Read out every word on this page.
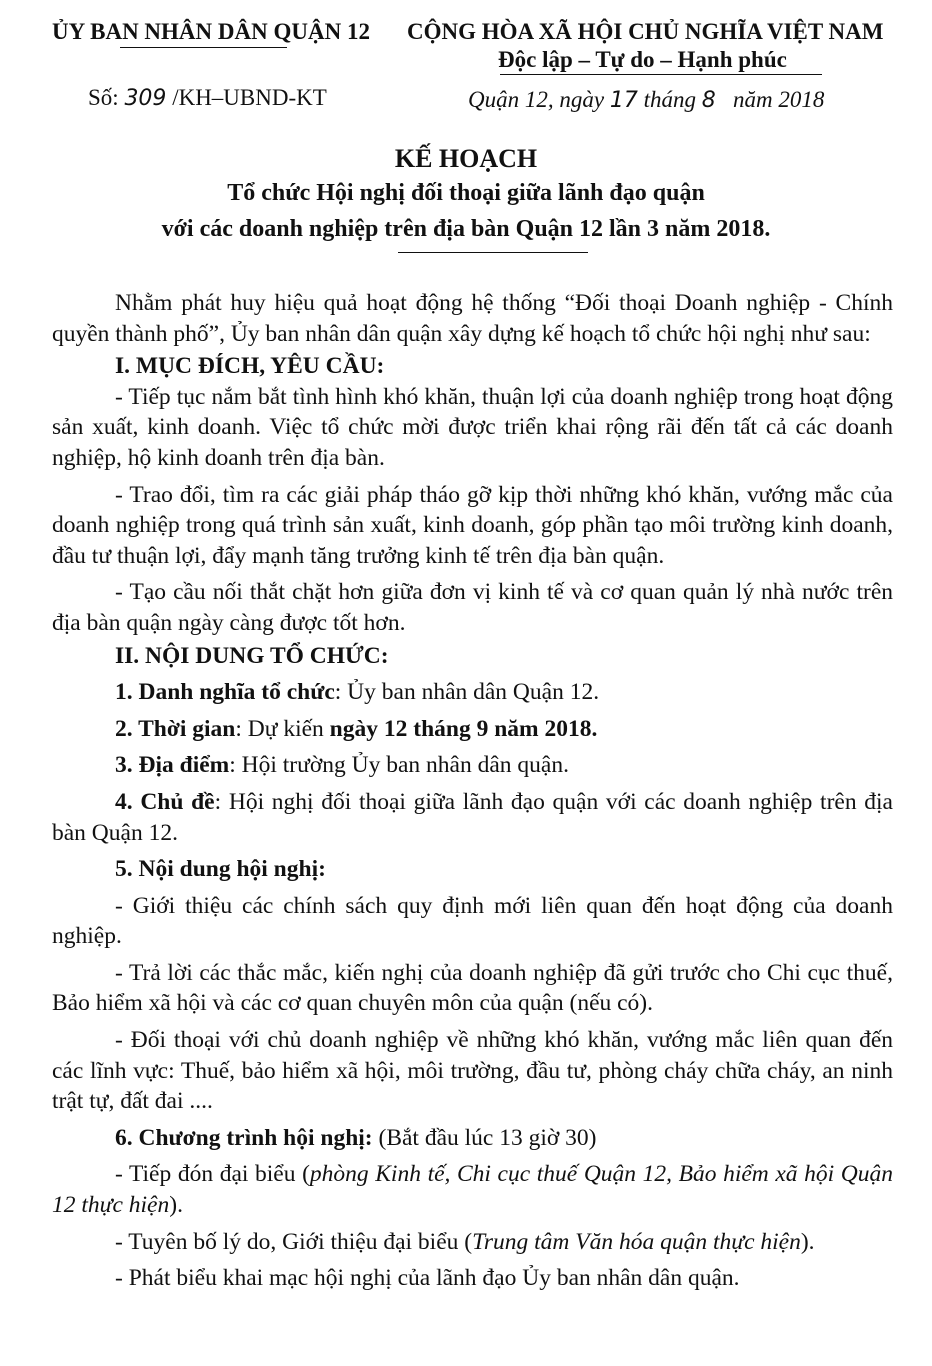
ỦY BAN NHÂN DÂN QUẬN 12 CỘNG HÒA XÃ HỘI CHỦ NGHĨA VIỆT NAM
Độc lập – Tự do – Hạnh phúc
Số: 309 /KH–UBND-KT	Quận 12, ngày 17 tháng 8 năm 2018
KẾ HOẠCH
Tổ chức Hội nghị đối thoại giữa lãnh đạo quận
với các doanh nghiệp trên địa bàn Quận 12 lần 3 năm 2018.

Nhằm phát huy hiệu quả hoạt động hệ thống “Đối thoại Doanh nghiệp - Chính quyền thành phố”, Ủy ban nhân dân quận xây dựng kế hoạch tổ chức hội nghị như sau:

I. MỤC ĐÍCH, YÊU CẦU:

- Tiếp tục nắm bắt tình hình khó khăn, thuận lợi của doanh nghiệp trong hoạt động sản xuất, kinh doanh. Việc tổ chức mời được triển khai rộng rãi đến tất cả các doanh nghiệp, hộ kinh doanh trên địa bàn.

- Trao đổi, tìm ra các giải pháp tháo gỡ kịp thời những khó khăn, vướng mắc của doanh nghiệp trong quá trình sản xuất, kinh doanh, góp phần tạo môi trường kinh doanh, đầu tư thuận lợi, đẩy mạnh tăng trưởng kinh tế trên địa bàn quận.

- Tạo cầu nối thắt chặt hơn giữa đơn vị kinh tế và cơ quan quản lý nhà nước trên địa bàn quận ngày càng được tốt hơn.

II. NỘI DUNG TỔ CHỨC:

1. Danh nghĩa tổ chức: Ủy ban nhân dân Quận 12.

2. Thời gian: Dự kiến ngày 12 tháng 9 năm 2018.

3. Địa điểm: Hội trường Ủy ban nhân dân quận.

4. Chủ đề: Hội nghị đối thoại giữa lãnh đạo quận với các doanh nghiệp trên địa bàn Quận 12.

5. Nội dung hội nghị:

- Giới thiệu các chính sách quy định mới liên quan đến hoạt động của doanh nghiệp.

- Trả lời các thắc mắc, kiến nghị của doanh nghiệp đã gửi trước cho Chi cục thuế, Bảo hiểm xã hội và các cơ quan chuyên môn của quận (nếu có).

- Đối thoại với chủ doanh nghiệp về những khó khăn, vướng mắc liên quan đến các lĩnh vực: Thuế, bảo hiểm xã hội, môi trường, đầu tư, phòng cháy chữa cháy, an ninh trật tự, đất đai ....

6. Chương trình hội nghị: (Bắt đầu lúc 13 giờ 30)

- Tiếp đón đại biểu (phòng Kinh tế, Chi cục thuế Quận 12, Bảo hiểm xã hội Quận 12 thực hiện).

- Tuyên bố lý do, Giới thiệu đại biểu (Trung tâm Văn hóa quận thực hiện).

- Phát biểu khai mạc hội nghị của lãnh đạo Ủy ban nhân dân quận.
